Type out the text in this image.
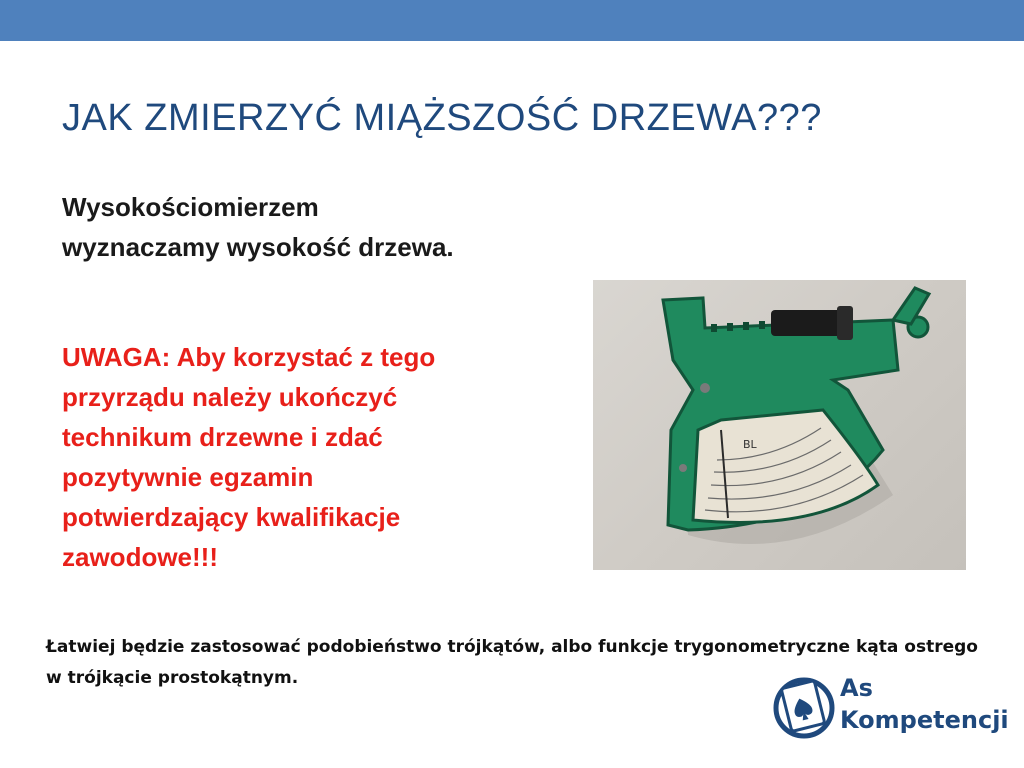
JAK ZMIERZYĆ MIĄŻSZOŚĆ DRZEWA???

Wysokościomierzem wyznaczamy wysokość drzewa.

UWAGA: Aby korzystać z tego przyrządu należy ukończyć technikum drzewne i zdać pozytywnie egzamin potwierdzający kwalifikacje zawodowe!!!

BL

Łatwiej będzie zastosować podobieństwo trójkątów, albo funkcje trygonometryczne kąta ostrego w trójkącie prostokątnym.	As
Kompetencji
